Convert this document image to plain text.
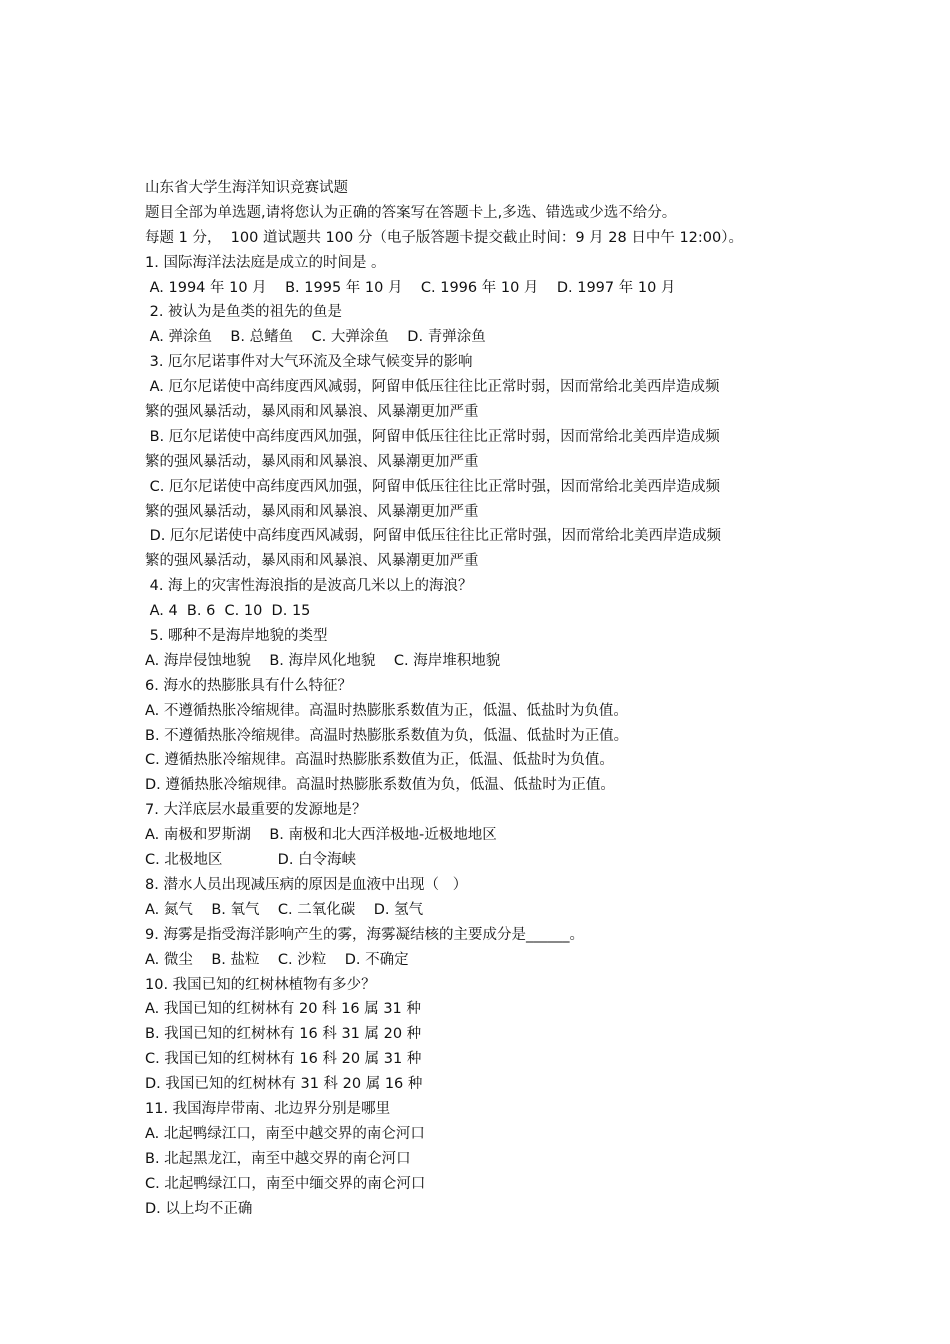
山东省大学生海洋知识竞赛试题
题目全部为单选题,请将您认为正确的答案写在答题卡上,多选、错选或少选不给分。
每题 1 分，  100 道试题共 100 分（电子版答题卡提交截止时间：9 月 28 日中午 12:00）。
1. 国际海洋法法庭是成立的时间是 。
A. 1994 年 10 月    B. 1995 年 10 月    C. 1996 年 10 月    D. 1997 年 10 月
2. 被认为是鱼类的祖先的鱼是
A. 弹涂鱼    B. 总鳍鱼    C. 大弹涂鱼    D. 青弹涂鱼
3. 厄尔尼诺事件对大气环流及全球气候变异的影响
A. 厄尔尼诺使中高纬度西风减弱，阿留申低压往往比正常时弱，因而常给北美西岸造成频
繁的强风暴活动，暴风雨和风暴浪、风暴潮更加严重
B. 厄尔尼诺使中高纬度西风加强，阿留申低压往往比正常时弱，因而常给北美西岸造成频
繁的强风暴活动，暴风雨和风暴浪、风暴潮更加严重
C. 厄尔尼诺使中高纬度西风加强，阿留申低压往往比正常时强，因而常给北美西岸造成频
繁的强风暴活动，暴风雨和风暴浪、风暴潮更加严重
D. 厄尔尼诺使中高纬度西风减弱，阿留申低压往往比正常时强，因而常给北美西岸造成频
繁的强风暴活动，暴风雨和风暴浪、风暴潮更加严重
4. 海上的灾害性海浪指的是波高几米以上的海浪？
A. 4  B. 6  C. 10  D. 15
5. 哪种不是海岸地貌的类型
A. 海岸侵蚀地貌    B. 海岸风化地貌    C. 海岸堆积地貌
6. 海水的热膨胀具有什么特征？
A. 不遵循热胀冷缩规律。高温时热膨胀系数值为正，低温、低盐时为负值。
B. 不遵循热胀冷缩规律。高温时热膨胀系数值为负，低温、低盐时为正值。
C. 遵循热胀冷缩规律。高温时热膨胀系数值为正，低温、低盐时为负值。
D. 遵循热胀冷缩规律。高温时热膨胀系数值为负，低温、低盐时为正值。
7. 大洋底层水最重要的发源地是？
A. 南极和罗斯湖    B. 南极和北大西洋极地-近极地地区
C. 北极地区            D. 白令海峡
8. 潜水人员出现减压病的原因是血液中出现（   ）
A. 氮气    B. 氧气    C. 二氧化碳    D. 氢气
9. 海雾是指受海洋影响产生的雾，海雾凝结核的主要成分是______。
A. 微尘    B. 盐粒    C. 沙粒    D. 不确定
10. 我国已知的红树林植物有多少？
A. 我国已知的红树林有 20 科 16 属 31 种
B. 我国已知的红树林有 16 科 31 属 20 种
C. 我国已知的红树林有 16 科 20 属 31 种
D. 我国已知的红树林有 31 科 20 属 16 种
11. 我国海岸带南、北边界分别是哪里
A. 北起鸭绿江口，南至中越交界的南仑河口
B. 北起黑龙江，南至中越交界的南仑河口
C. 北起鸭绿江口，南至中缅交界的南仑河口
D. 以上均不正确
